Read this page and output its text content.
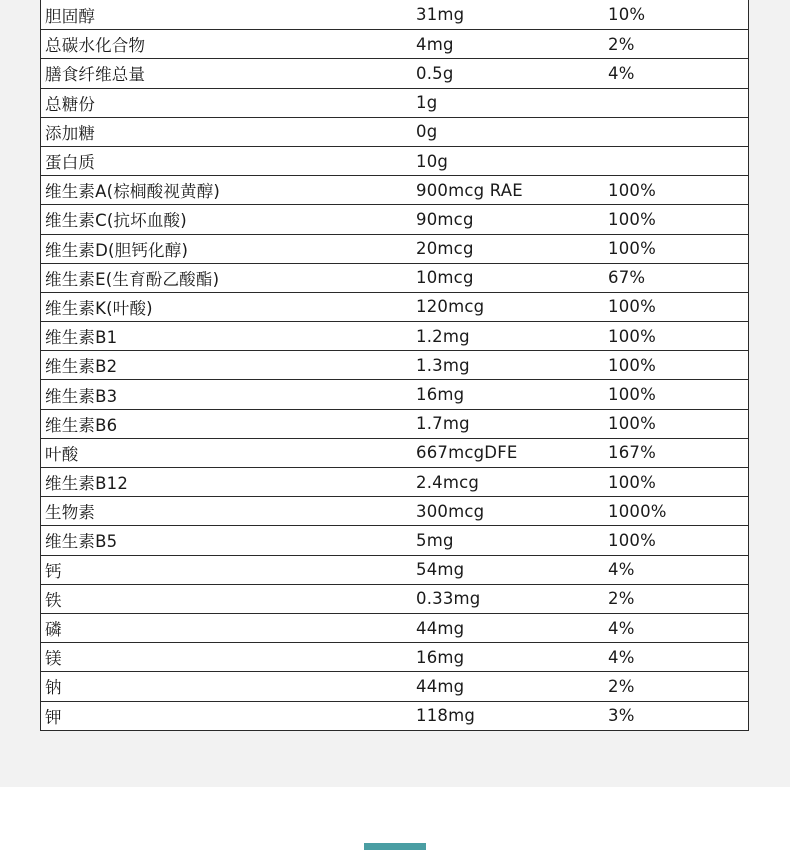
胆固醇	31mg	10%
总碳水化合物	4mg	2%
膳食纤维总量	0.5g	4%
总糖份	1g
添加糖	0g
蛋白质	10g
维生素A(棕榈酸视黄醇)	900mcg RAE	100%
维生素C(抗坏血酸)	90mcg	100%
维生素D(胆钙化醇)	20mcg	100%
维生素E(生育酚乙酸酯)	10mcg	67%
维生素K(叶酸)	120mcg	100%
维生素B1	1.2mg	100%
维生素B2	1.3mg	100%
维生素B3	16mg	100%
维生素B6	1.7mg	100%
叶酸	667mcgDFE	167%
维生素B12	2.4mcg	100%
生物素	300mcg	1000%
维生素B5	5mg	100%
钙	54mg	4%
铁	0.33mg	2%
磷	44mg	4%
镁	16mg	4%
钠	44mg	2%
钾	118mg	3%
